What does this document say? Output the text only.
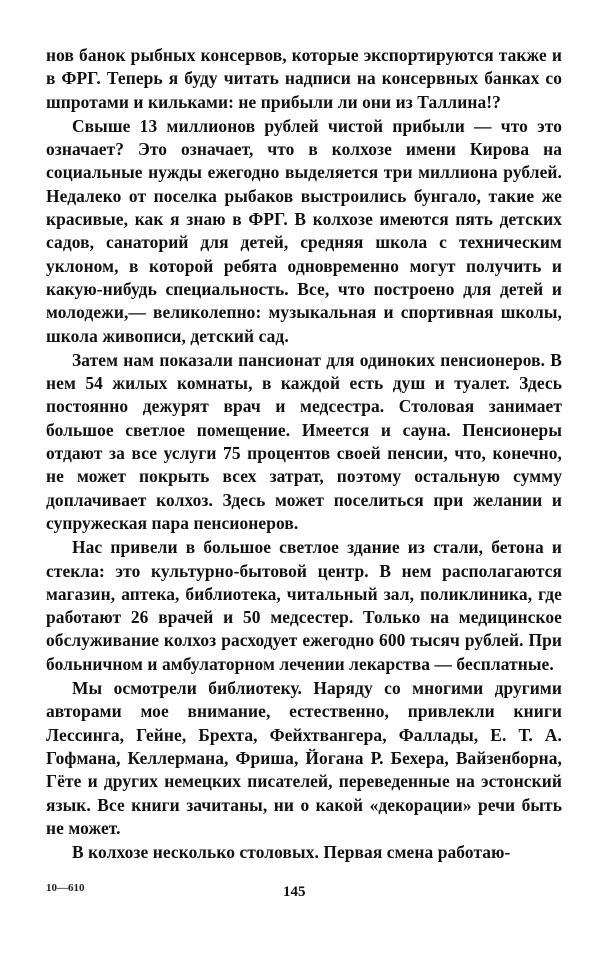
нов банок рыбных консервов, которые экспортируются также и в ФРГ. Теперь я буду читать надписи на консервных банках со шпротами и кильками: не прибыли ли они из Таллина!?

Свыше 13 миллионов рублей чистой прибыли — что это означает? Это означает, что в колхозе имени Кирова на социальные нужды ежегодно выделяется три миллиона рублей. Недалеко от поселка рыбаков выстроились бунгало, такие же красивые, как я знаю в ФРГ. В колхозе имеются пять детских садов, санаторий для детей, средняя школа с техническим уклоном, в которой ребята одновременно могут получить и какую-нибудь специальность. Все, что построено для детей и молодежи,— великолепно: музыкальная и спортивная школы, школа живописи, детский сад.

Затем нам показали пансионат для одиноких пенсионеров. В нем 54 жилых комнаты, в каждой есть душ и туалет. Здесь постоянно дежурят врач и медсестра. Столовая занимает большое светлое помещение. Имеется и сауна. Пенсионеры отдают за все услуги 75 процентов своей пенсии, что, конечно, не может покрыть всех затрат, поэтому остальную сумму доплачивает колхоз. Здесь может поселиться при желании и супружеская пара пенсионеров.

Нас привели в большое светлое здание из стали, бетона и стекла: это культурно-бытовой центр. В нем располагаются магазин, аптека, библиотека, читальный зал, поликлиника, где работают 26 врачей и 50 медсестер. Только на медицинское обслуживание колхоз расходует ежегодно 600 тысяч рублей. При больничном и амбулаторном лечении лекарства — бесплатные.

Мы осмотрели библиотеку. Наряду со многими другими авторами мое внимание, естественно, привлекли книги Лессинга, Гейне, Брехта, Фейхтвангера, Фаллады, Е. Т. А. Гофмана, Келлермана, Фриша, Йогана Р. Бехера, Вайзенборна, Гёте и других немецких писателей, переведенные на эстонский язык. Все книги зачитаны, ни о какой «декорации» речи быть не может.

В колхозе несколько столовых. Первая смена работаю-

10—610	145
